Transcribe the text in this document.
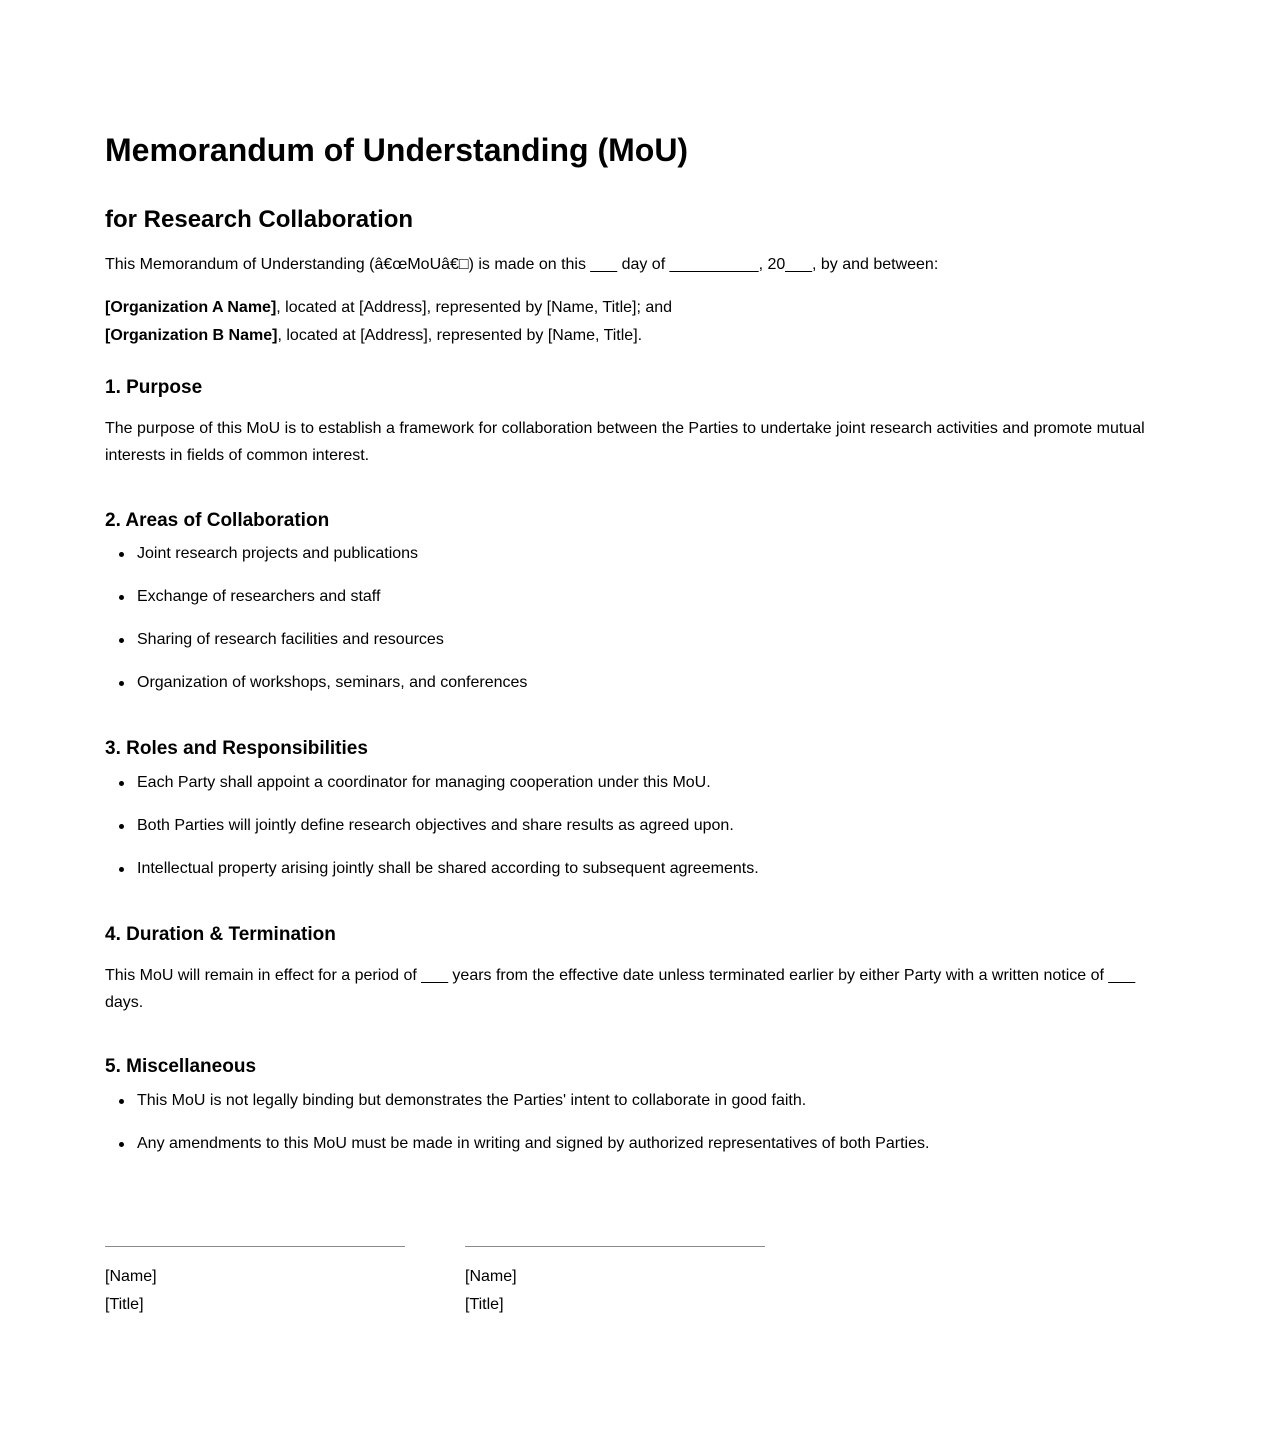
Memorandum of Understanding (MoU)
for Research Collaboration

This Memorandum of Understanding (â€œMoUâ€□) is made on this ___ day of __________, 20___, by and between:

[Organization A Name], located at [Address], represented by [Name, Title]; and
[Organization B Name], located at [Address], represented by [Name, Title].

1. Purpose

The purpose of this MoU is to establish a framework for collaboration between the Parties to undertake joint research activities and promote mutual interests in fields of common interest.

2. Areas of Collaboration
Joint research projects and publications
Exchange of researchers and staff
Sharing of research facilities and resources
Organization of workshops, seminars, and conferences
3. Roles and Responsibilities
Each Party shall appoint a coordinator for managing cooperation under this MoU.
Both Parties will jointly define research objectives and share results as agreed upon.
Intellectual property arising jointly shall be shared according to subsequent agreements.
4. Duration & Termination

This MoU will remain in effect for a period of ___ years from the effective date unless terminated earlier by either Party with a written notice of ___ days.

5. Miscellaneous
This MoU is not legally binding but demonstrates the Parties' intent to collaborate in good faith.
Any amendments to this MoU must be made in writing and signed by authorized representatives of both Parties.
[Name]
[Title]
[Name]
[Title]
